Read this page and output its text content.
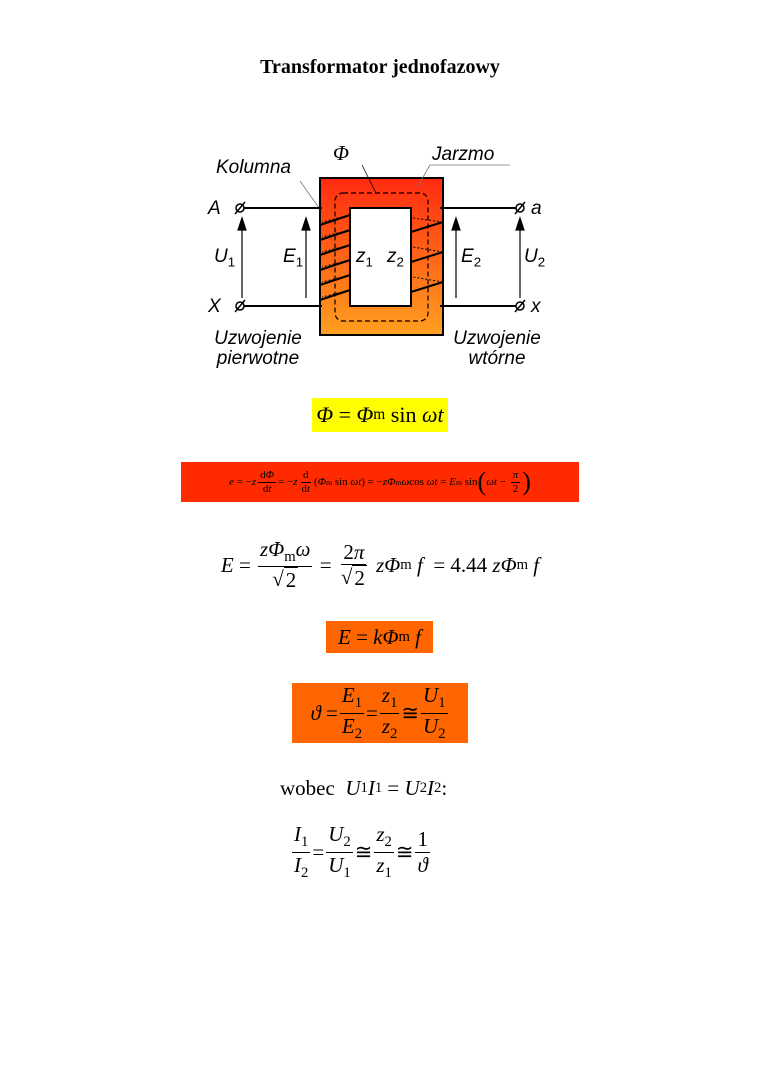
Transformator jednofazowy
Φ
Kolumna
Jarzmo
A	a
X	x
$U_1$	$E_1$	$z_1$ $z_2$	$E_2$ $U_2$
Uzwojenie
pierwotne
Uzwojenie
wtórne
Φ = Φ m sin ωt
e = − z $\frac{d\Phi}{dt}$ = − z $\frac{d}{dt}$ ( Φ m sin ωt ) = − zΦ m ω cos ωt = E m sin ( $\omega t - \frac{\pi}{2}$ )
$E = \frac{z\Phi_m\omega}{√ 2} = \frac{2\pi}{√ 2}$ zΦ m f = 4.44 zΦ m f
E = kΦ m f
$ϑ = \frac{E_1}{E_2} = \frac{z_1}{z_2}$ ≅ $\frac{U_1}{U_2}$
wobec U 1 I 1 = U 2 I 2 :
$\frac{I_1}{I_2} = \frac{U_2}{U_1}$ ≅ $\frac{z_2}{z_1}$ ≅ $\frac{1}{ϑ}$
